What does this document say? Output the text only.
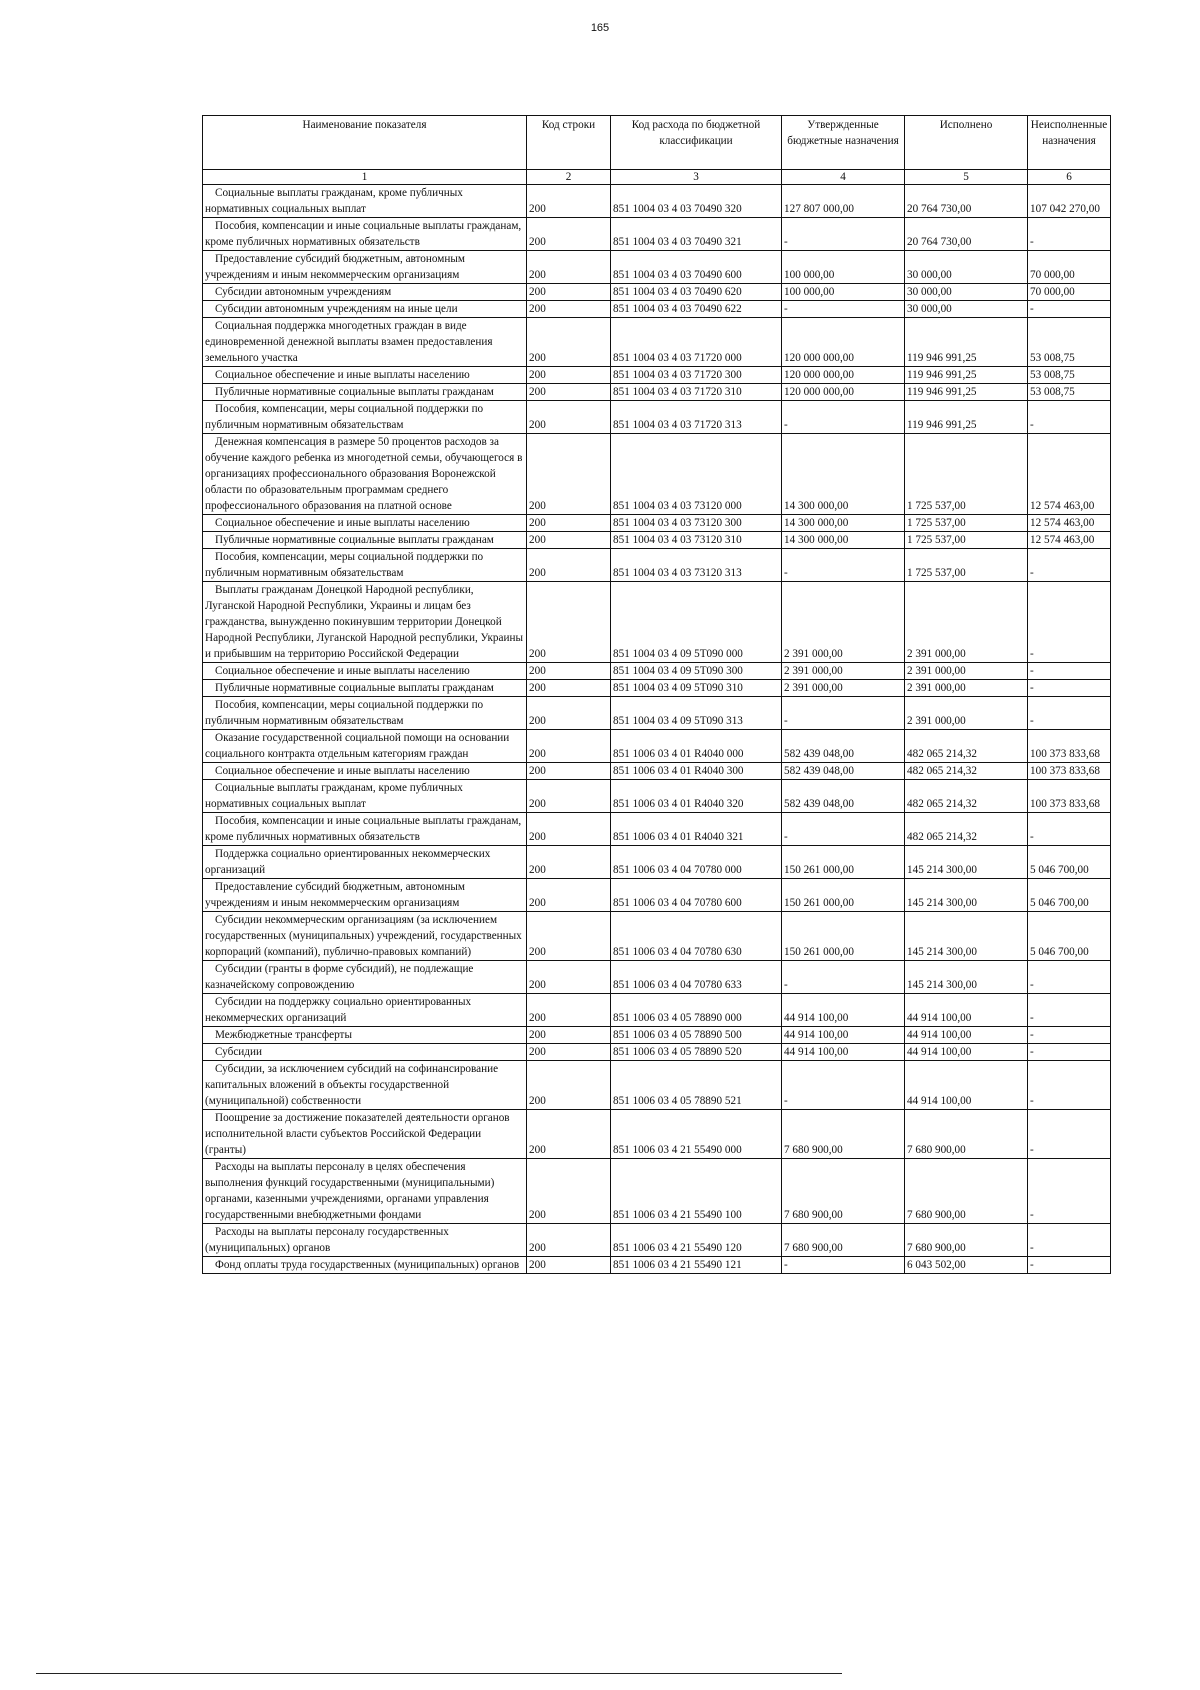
165
Наименование показателя	Код строки	Код расхода по бюджетной классификации	Утвержденные бюджетные назначения	Исполнено	Неисполненные назначения
1	2	3	4	5	6

Социальные выплаты гражданам, кроме публичных нормативных социальных выплат	200	851 1004 03 4 03 70490 320	127 807 000,00	20 764 730,00	107 042 270,00

Пособия, компенсации и иные социальные выплаты гражданам, кроме публичных нормативных обязательств	200	851 1004 03 4 03 70490 321	-	20 764 730,00	-

Предоставление субсидий бюджетным, автономным учреждениям и иным некоммерческим организациям	200	851 1004 03 4 03 70490 600	100 000,00	30 000,00	70 000,00

Субсидии автономным учреждениям	200	851 1004 03 4 03 70490 620	100 000,00	30 000,00	70 000,00

Субсидии автономным учреждениям на иные цели	200	851 1004 03 4 03 70490 622	-	30 000,00	-

Социальная поддержка многодетных граждан в виде единовременной денежной выплаты взамен предоставления земельного участка	200	851 1004 03 4 03 71720 000	120 000 000,00	119 946 991,25	53 008,75

Социальное обеспечение и иные выплаты населению	200	851 1004 03 4 03 71720 300	120 000 000,00	119 946 991,25	53 008,75

Публичные нормативные социальные выплаты гражданам	200	851 1004 03 4 03 71720 310	120 000 000,00	119 946 991,25	53 008,75

Пособия, компенсации, меры социальной поддержки по публичным нормативным обязательствам	200	851 1004 03 4 03 71720 313	-	119 946 991,25	-

Денежная компенсация в размере 50 процентов расходов за обучение каждого ребенка из многодетной семьи, обучающегося в организациях профессионального образования Воронежской области по образовательным программам среднего профессионального образования на платной основе	200	851 1004 03 4 03 73120 000	14 300 000,00	1 725 537,00	12 574 463,00

Социальное обеспечение и иные выплаты населению	200	851 1004 03 4 03 73120 300	14 300 000,00	1 725 537,00	12 574 463,00

Публичные нормативные социальные выплаты гражданам	200	851 1004 03 4 03 73120 310	14 300 000,00	1 725 537,00	12 574 463,00

Пособия, компенсации, меры социальной поддержки по публичным нормативным обязательствам	200	851 1004 03 4 03 73120 313	-	1 725 537,00	-

Выплаты гражданам Донецкой Народной республики, Луганской Народной Республики, Украины и лицам без гражданства, вынужденно покинувшим территории Донецкой Народной Республики, Луганской Народной республики, Украины и прибывшим на территорию Российской Федерации	200	851 1004 03 4 09 5Т090 000	2 391 000,00	2 391 000,00	-

Социальное обеспечение и иные выплаты населению	200	851 1004 03 4 09 5Т090 300	2 391 000,00	2 391 000,00	-

Публичные нормативные социальные выплаты гражданам	200	851 1004 03 4 09 5Т090 310	2 391 000,00	2 391 000,00	-

Пособия, компенсации, меры социальной поддержки по публичным нормативным обязательствам	200	851 1004 03 4 09 5Т090 313	-	2 391 000,00	-

Оказание государственной социальной помощи на основании социального контракта отдельным категориям граждан	200	851 1006 03 4 01 R4040 000	582 439 048,00	482 065 214,32	100 373 833,68

Социальное обеспечение и иные выплаты населению	200	851 1006 03 4 01 R4040 300	582 439 048,00	482 065 214,32	100 373 833,68

Социальные выплаты гражданам, кроме публичных нормативных социальных выплат	200	851 1006 03 4 01 R4040 320	582 439 048,00	482 065 214,32	100 373 833,68

Пособия, компенсации и иные социальные выплаты гражданам, кроме публичных нормативных обязательств	200	851 1006 03 4 01 R4040 321	-	482 065 214,32	-

Поддержка социально ориентированных некоммерческих организаций	200	851 1006 03 4 04 70780 000	150 261 000,00	145 214 300,00	5 046 700,00

Предоставление субсидий бюджетным, автономным учреждениям и иным некоммерческим организациям	200	851 1006 03 4 04 70780 600	150 261 000,00	145 214 300,00	5 046 700,00

Субсидии некоммерческим организациям (за исключением государственных (муниципальных) учреждений, государственных корпораций (компаний), публично-правовых компаний)	200	851 1006 03 4 04 70780 630	150 261 000,00	145 214 300,00	5 046 700,00

Субсидии (гранты в форме субсидий), не подлежащие казначейскому сопровождению	200	851 1006 03 4 04 70780 633	-	145 214 300,00	-

Субсидии на поддержку социально ориентированных некоммерческих организаций	200	851 1006 03 4 05 78890 000	44 914 100,00	44 914 100,00	-

Межбюджетные трансферты	200	851 1006 03 4 05 78890 500	44 914 100,00	44 914 100,00	-

Субсидии	200	851 1006 03 4 05 78890 520	44 914 100,00	44 914 100,00	-

Субсидии, за исключением субсидий на софинансирование капитальных вложений в объекты государственной (муниципальной) собственности	200	851 1006 03 4 05 78890 521	-	44 914 100,00	-

Поощрение за достижение показателей деятельности органов исполнительной власти субъектов Российской Федерации (гранты)	200	851 1006 03 4 21 55490 000	7 680 900,00	7 680 900,00	-

Расходы на выплаты персоналу в целях обеспечения выполнения функций государственными (муниципальными) органами, казенными учреждениями, органами управления государственными внебюджетными фондами	200	851 1006 03 4 21 55490 100	7 680 900,00	7 680 900,00	-

Расходы на выплаты персоналу государственных (муниципальных) органов	200	851 1006 03 4 21 55490 120	7 680 900,00	7 680 900,00	-

Фонд оплаты труда государственных (муниципальных) органов	200	851 1006 03 4 21 55490 121	-	6 043 502,00	-
